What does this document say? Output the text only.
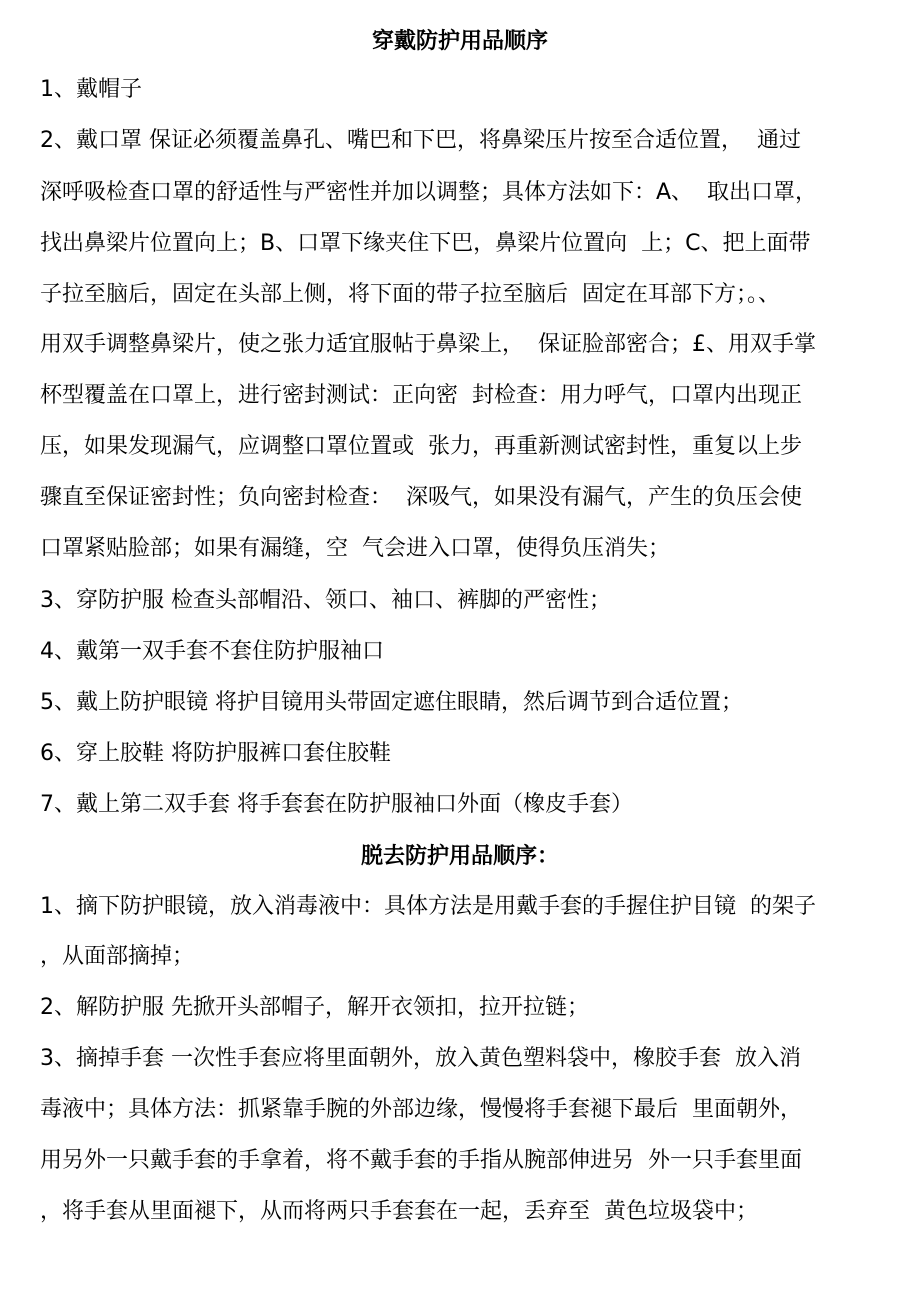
穿戴防护用品顺序
1、戴帽子
2、戴口罩 保证必须覆盖鼻孔、嘴巴和下巴，将鼻梁压片按至合适位置，  通过
深呼吸检查口罩的舒适性与严密性并加以调整；具体方法如下：A、  取出口罩，
找出鼻梁片位置向上；B、口罩下缘夹住下巴，鼻梁片位置向  上；C、把上面带
子拉至脑后，固定在头部上侧，将下面的带子拉至脑后  固定在耳部下方；。、
用双手调整鼻梁片，使之张力适宜服帖于鼻梁上，  保证脸部密合；£、用双手掌
杯型覆盖在口罩上，进行密封测试：正向密  封检查：用力呼气，口罩内出现正
压，如果发现漏气，应调整口罩位置或  张力，再重新测试密封性，重复以上步
骤直至保证密封性；负向密封检查：  深吸气，如果没有漏气，产生的负压会使
口罩紧贴脸部；如果有漏缝，空  气会进入口罩，使得负压消失；
3、穿防护服 检查头部帽沿、领口、袖口、裤脚的严密性；
4、戴第一双手套不套住防护服袖口
5、戴上防护眼镜 将护目镜用头带固定遮住眼睛，然后调节到合适位置；
6、穿上胶鞋 将防护服裤口套住胶鞋
7、戴上第二双手套 将手套套在防护服袖口外面（橡皮手套）
脱去防护用品顺序：
1、摘下防护眼镜，放入消毒液中：具体方法是用戴手套的手握住护目镜  的架子
，从面部摘掉；
2、解防护服 先掀开头部帽子，解开衣领扣，拉开拉链；
3、摘掉手套 一次性手套应将里面朝外，放入黄色塑料袋中，橡胶手套  放入消
毒液中；具体方法：抓紧靠手腕的外部边缘，慢慢将手套褪下最后  里面朝外，
用另外一只戴手套的手拿着，将不戴手套的手指从腕部伸进另  外一只手套里面
，将手套从里面褪下，从而将两只手套套在一起，丢弃至  黄色垃圾袋中；
